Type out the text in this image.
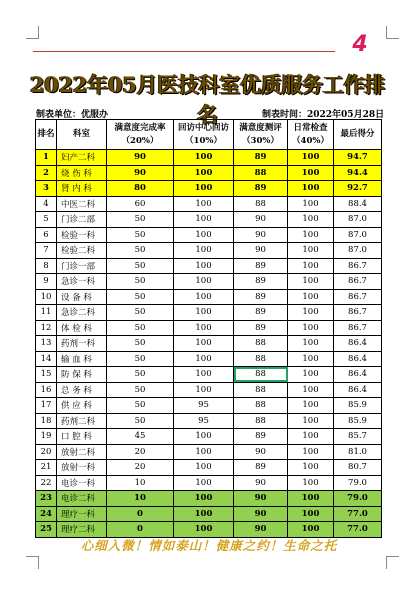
4
2022年05月医技科室优质服务工作排名
制表单位：优服办	制表时间：2022年05月28日
排名	科室	满意度完成率（20%）	回访中心回访（10%）	满意度测评（30%）	日常检查（40%）	最后得分
1	妇产二科	90	100	89	100	94.7
2	烧 伤 科	90	100	88	100	94.4
3	肾 内 科	80	100	89	100	92.7
4	中医二科	60	100	88	100	88.4
5	门诊二部	50	100	90	100	87.0
6	检验一科	50	100	90	100	87.0
7	检验二科	50	100	90	100	87.0
8	门诊一部	50	100	89	100	86.7
9	急诊一科	50	100	89	100	86.7
10	设 备 科	50	100	89	100	86.7
11	急诊二科	50	100	89	100	86.7
12	体 检 科	50	100	89	100	86.7
13	药剂一科	50	100	88	100	86.4
14	输 血 科	50	100	88	100	86.4
15	防 保 科	50	100	88	100	86.4
16	总 务 科	50	100	88	100	86.4
17	供 应 科	50	95	88	100	85.9
18	药剂二科	50	95	88	100	85.9
19	口 腔 科	45	100	89	100	85.7
20	放射二科	20	100	90	100	81.0
21	放射一科	20	100	89	100	80.7
22	电诊一科	10	100	90	100	79.0
23	电诊二科	10	100	90	100	79.0
24	理疗一科	0	100	90	100	77.0
25	理疗二科	0	100	90	100	77.0
心细入微！情如泰山！健康之约！生命之托
